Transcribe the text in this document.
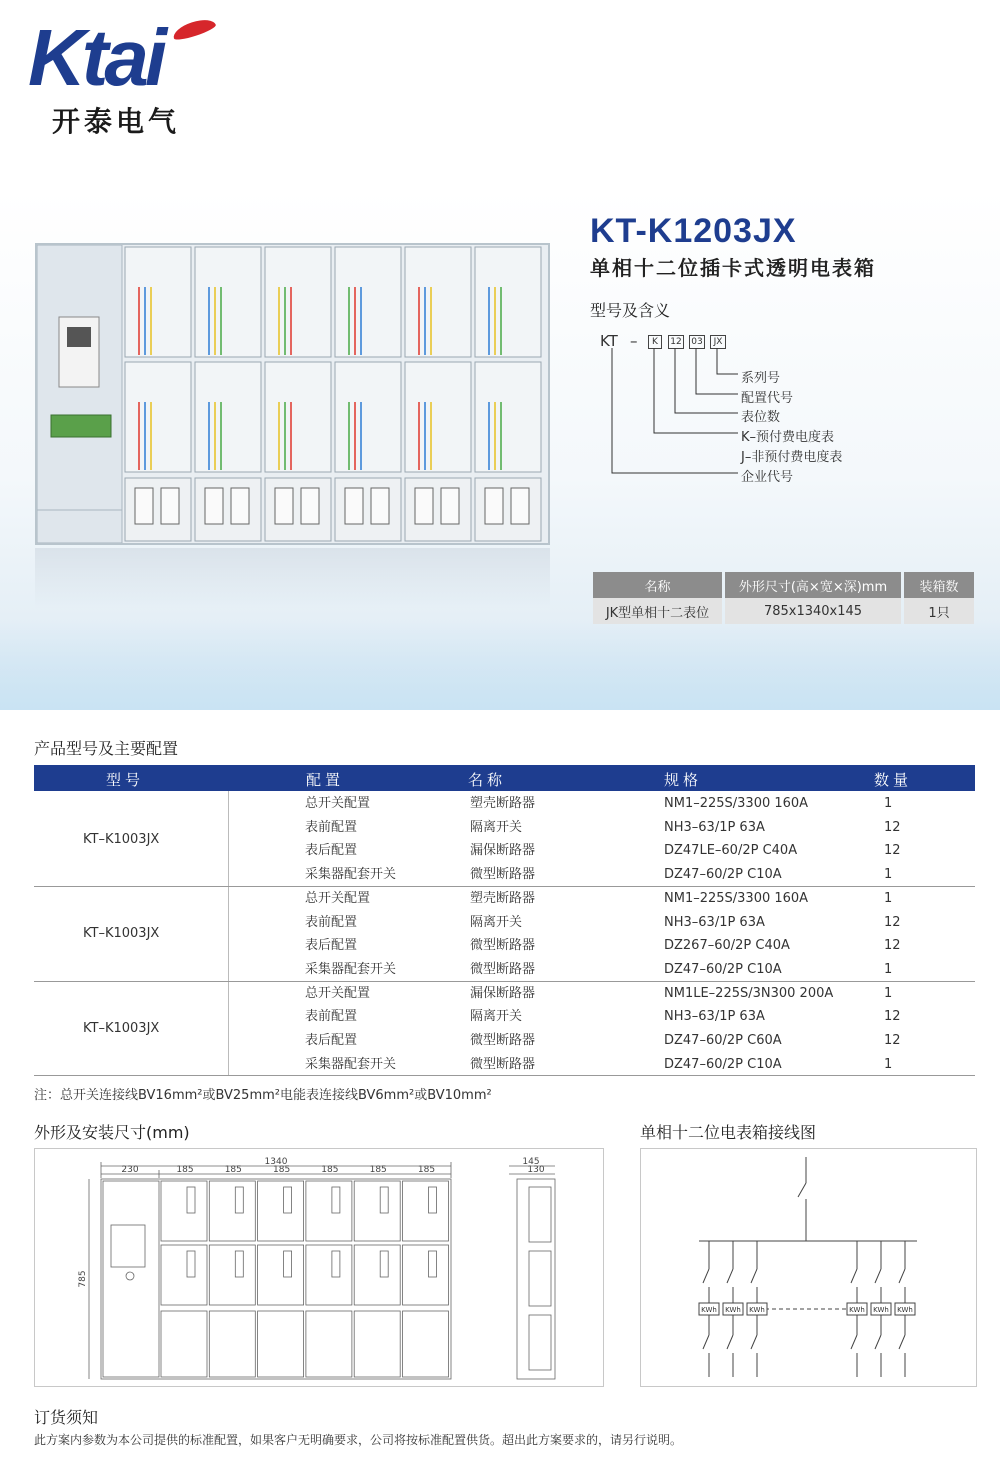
Ktai
开泰电气
KT-K1203JX
单相十二位插卡式透明电表箱
型号及含义
KT –	K	12 03	JX
系列号
配置代号
表位数
K–预付费电度表
J–非预付费电度表
企业代号
名称	外形尺寸(高×宽×深)mm	装箱数
JK型单相十二表位	785x1340x145	1只
产品型号及主要配置
型号	配置	名称	规格	数量
KT–K1003JX
总开关配置	塑壳断路器	NM1–225S/3300 160A	1
表前配置	隔离开关	NH3–63/1P 63A	12
表后配置	漏保断路器	DZ47LE–60/2P C40A	12
采集器配套开关	微型断路器	DZ47–60/2P C10A	1
KT–K1003JX
总开关配置	塑壳断路器	NM1–225S/3300 160A	1
表前配置	隔离开关	NH3–63/1P 63A	12
表后配置	微型断路器	DZ267–60/2P C40A	12
采集器配套开关	微型断路器	DZ47–60/2P C10A	1
KT–K1003JX
总开关配置	漏保断路器	NM1LE–225S/3N300 200A	1
表前配置	隔离开关	NH3–63/1P 63A	12
表后配置	微型断路器	DZ47–60/2P C60A	12
采集器配套开关	微型断路器	DZ47–60/2P C10A	1
注：总开关连接线BV16mm²或BV25mm²电能表连接线BV6mm²或BV10mm²
外形及安装尺寸(mm)
185	185	185	185	185	185
1340
230
145
130
785
单相十二位电表箱接线图
KWh KWh KWh	KWh KWh KWh
订货须知
此方案内参数为本公司提供的标准配置，如果客户无明确要求，公司将按标准配置供货。超出此方案要求的，请另行说明。
